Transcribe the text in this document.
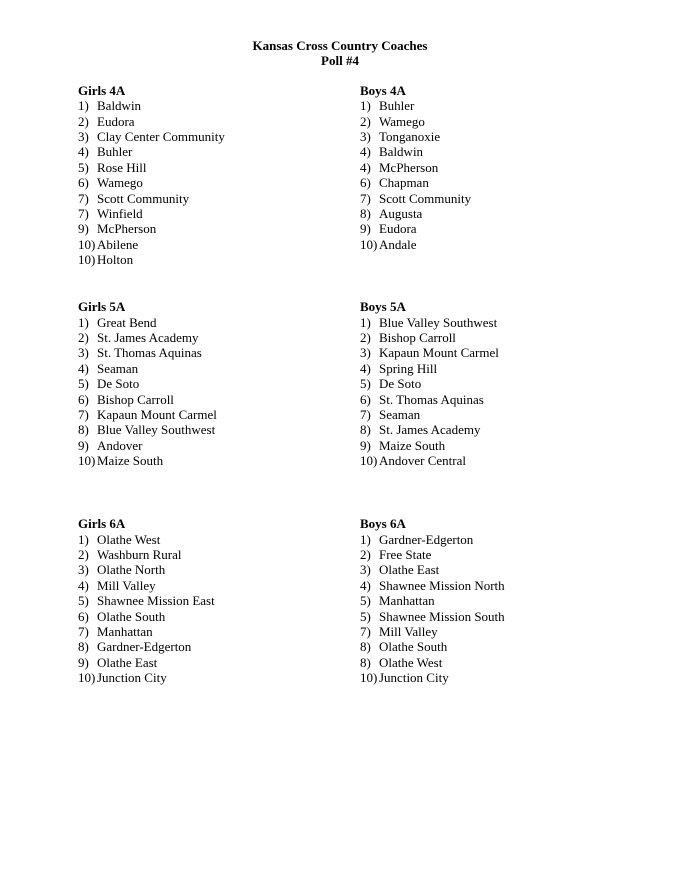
Kansas Cross Country Coaches
Poll #4
Girls 4A
1) Baldwin
2) Eudora
3) Clay Center Community
4) Buhler
5) Rose Hill
6) Wamego
7) Scott Community
7) Winfield
9) McPherson
10) Abilene
10) Holton
Boys 4A
1) Buhler
2) Wamego
3) Tonganoxie
4) Baldwin
4) McPherson
6) Chapman
7) Scott Community
8) Augusta
9) Eudora
10) Andale
Girls 5A
1) Great Bend
2) St. James Academy
3) St. Thomas Aquinas
4) Seaman
5) De Soto
6) Bishop Carroll
7) Kapaun Mount Carmel
8) Blue Valley Southwest
9) Andover
10) Maize South
Boys 5A
1) Blue Valley Southwest
2) Bishop Carroll
3) Kapaun Mount Carmel
4) Spring Hill
5) De Soto
6) St. Thomas Aquinas
7) Seaman
8) St. James Academy
9) Maize South
10) Andover Central
Girls 6A
1) Olathe West
2) Washburn Rural
3) Olathe North
4) Mill Valley
5) Shawnee Mission East
6) Olathe South
7) Manhattan
8) Gardner-Edgerton
9) Olathe East
10) Junction City
Boys 6A
1) Gardner-Edgerton
2) Free State
3) Olathe East
4) Shawnee Mission North
5) Manhattan
5) Shawnee Mission South
7) Mill Valley
8) Olathe South
8) Olathe West
10) Junction City
